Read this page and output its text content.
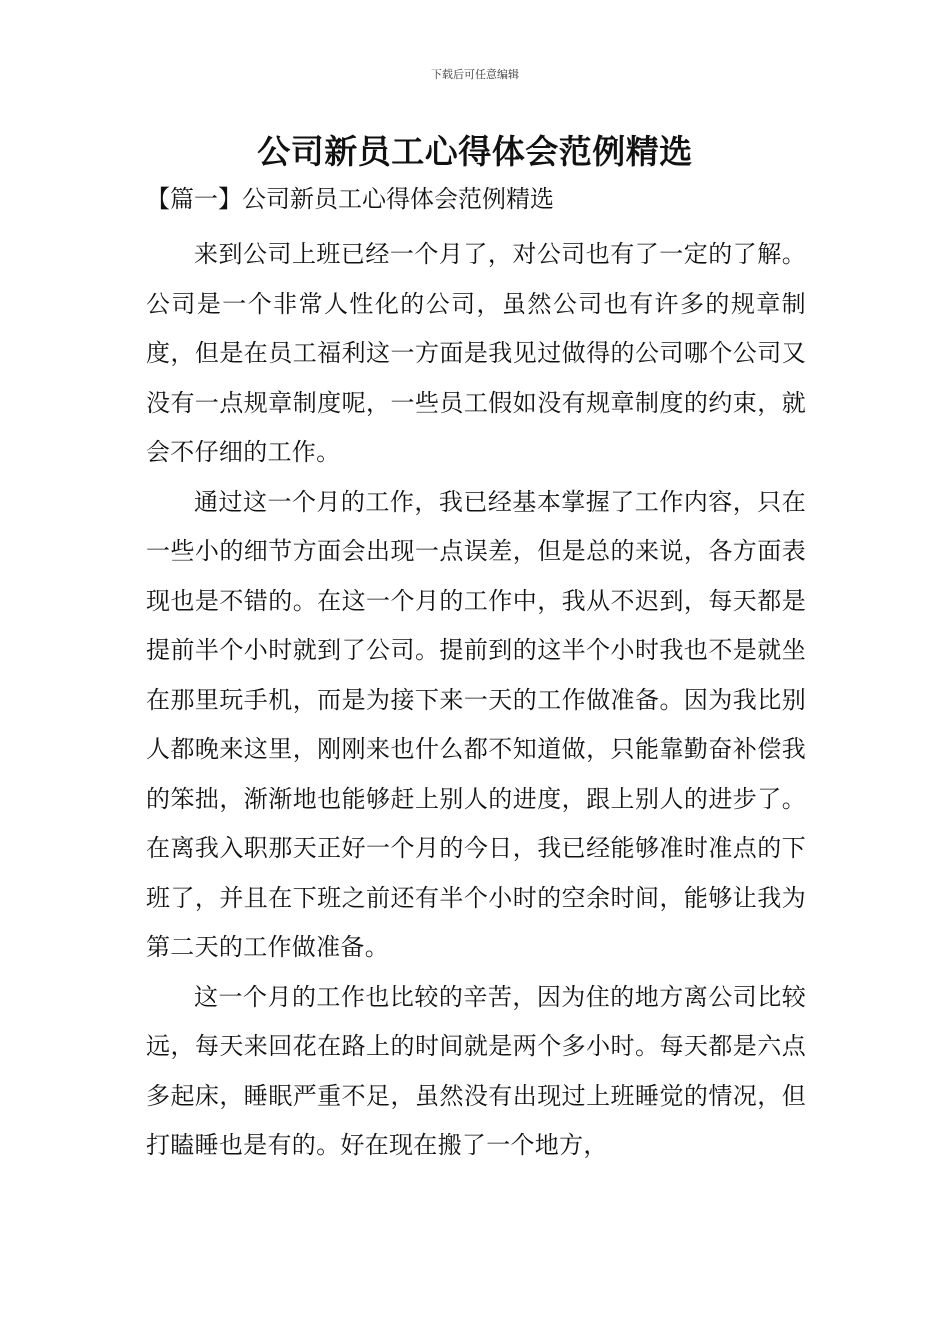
下载后可任意编辑
公司新员工心得体会范例精选
【篇一】公司新员工心得体会范例精选

来到公司上班已经一个月了，对公司也有了一定的了解。公司是一个非常人性化的公司，虽然公司也有许多的规章制度，但是在员工福利这一方面是我见过做得的公司哪个公司又没有一点规章制度呢，一些员工假如没有规章制度的约束，就会不仔细的工作。

通过这一个月的工作，我已经基本掌握了工作内容，只在一些小的细节方面会出现一点误差，但是总的来说，各方面表现也是不错的。在这一个月的工作中，我从不迟到，每天都是提前半个小时就到了公司。提前到的这半个小时我也不是就坐在那里玩手机，而是为接下来一天的工作做准备。因为我比别人都晚来这里，刚刚来也什么都不知道做，只能靠勤奋补偿我的笨拙，渐渐地也能够赶上别人的进度，跟上别人的进步了。在离我入职那天正好一个月的今日，我已经能够准时准点的下班了，并且在下班之前还有半个小时的空余时间，能够让我为第二天的工作做准备。

这一个月的工作也比较的辛苦，因为住的地方离公司比较远，每天来回花在路上的时间就是两个多小时。每天都是六点多起床，睡眠严重不足，虽然没有出现过上班睡觉的情况，但打瞌睡也是有的。好在现在搬了一个地方，
